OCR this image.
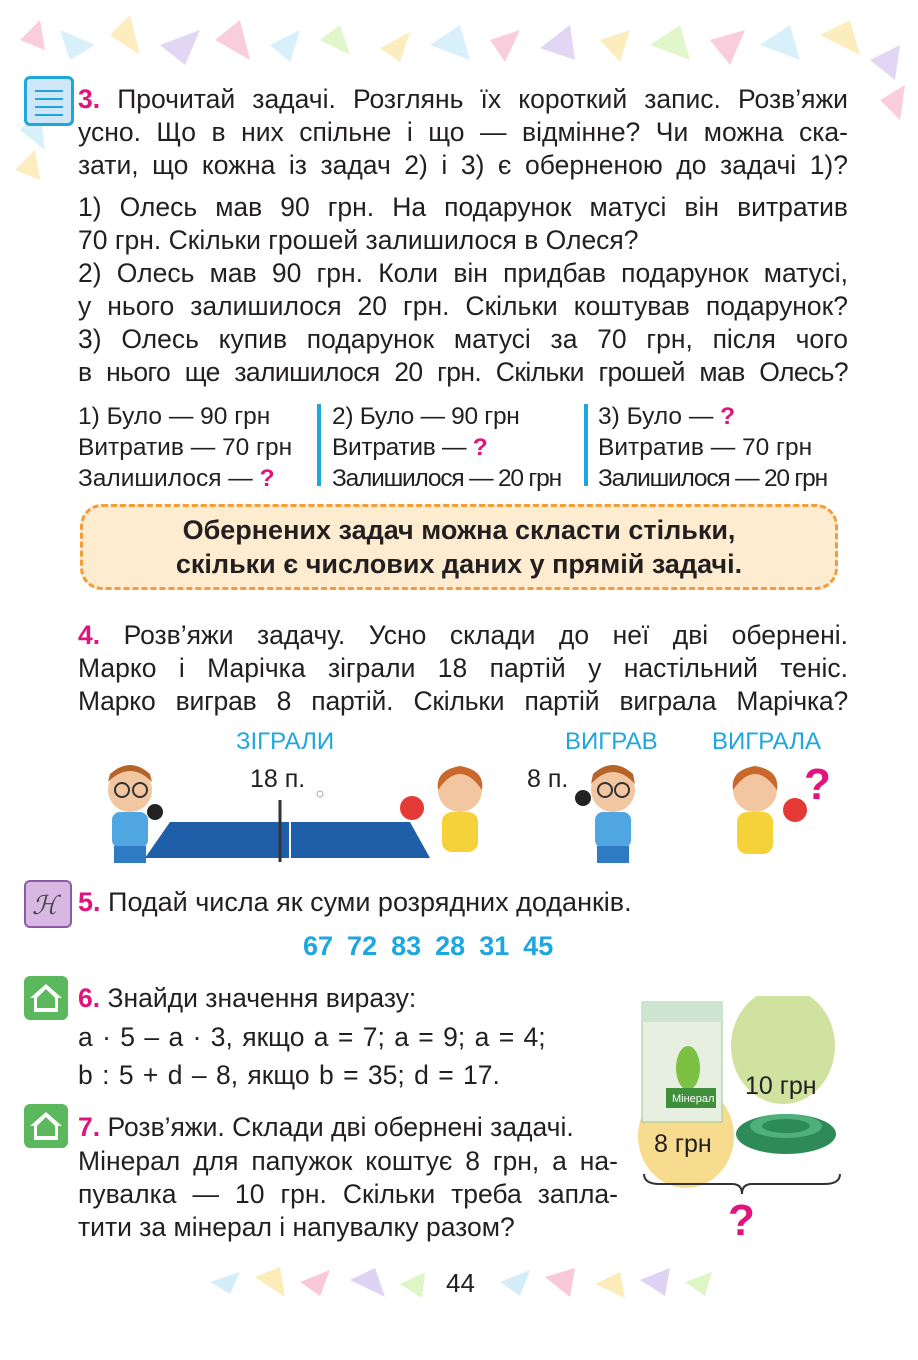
3. Прочитай задачі. Розглянь їх короткий запис. Розв’яжи
усно. Що в них спільне і що — відмінне? Чи можна ска-
зати, що кожна із задач 2) і 3) є оберненою до задачі 1)?
1) Олесь мав 90 грн. На подарунок матусі він витратив
70 грн. Скільки грошей залишилося в Олеся?
2) Олесь мав 90 грн. Коли він придбав подарунок матусі,
у нього залишилося 20 грн. Скільки коштував подарунок?
3) Олесь купив подарунок матусі за 70 грн, після чого
в нього ще залишилося 20 грн. Скільки грошей мав Олесь?
1) Було — 90 грн
Витратив — 70 грн
Залишилося — ?
2) Було — 90 грн
Витратив — ?
Залишилося — 20 грн
3) Було — ?
Витратив — 70 грн
Залишилося — 20 грн
Обернених задач можна скласти стільки,
скільки є числових даних у прямій задачі.
4. Розв’яжи задачу. Усно склади до неї дві обернені.
Марко і Марічка зіграли 18 партій у настільний теніс.
Марко виграв 8 партій. Скільки партій виграла Марічка?
ЗІГРАЛИ	ВИГРАВ ВИГРАЛА
18 п.	8 п.	?
ℋ 5. Подай числа як суми розрядних доданків.
67 72 83 28 31 45
6. Знайди значення виразу:
a · 5 – a · 3, якщо a = 7; a = 9; a = 4;
b : 5 + d – 8, якщо b = 35; d = 17.
7. Розв’яжи. Склади дві обернені задачі.
Мінерал для папужок коштує 8 грн, а на-
пувалка — 10 грн. Скільки треба запла-
тити за мінерал і напувалку разом?
Мінерал 10 грн
8 грн
?
44
